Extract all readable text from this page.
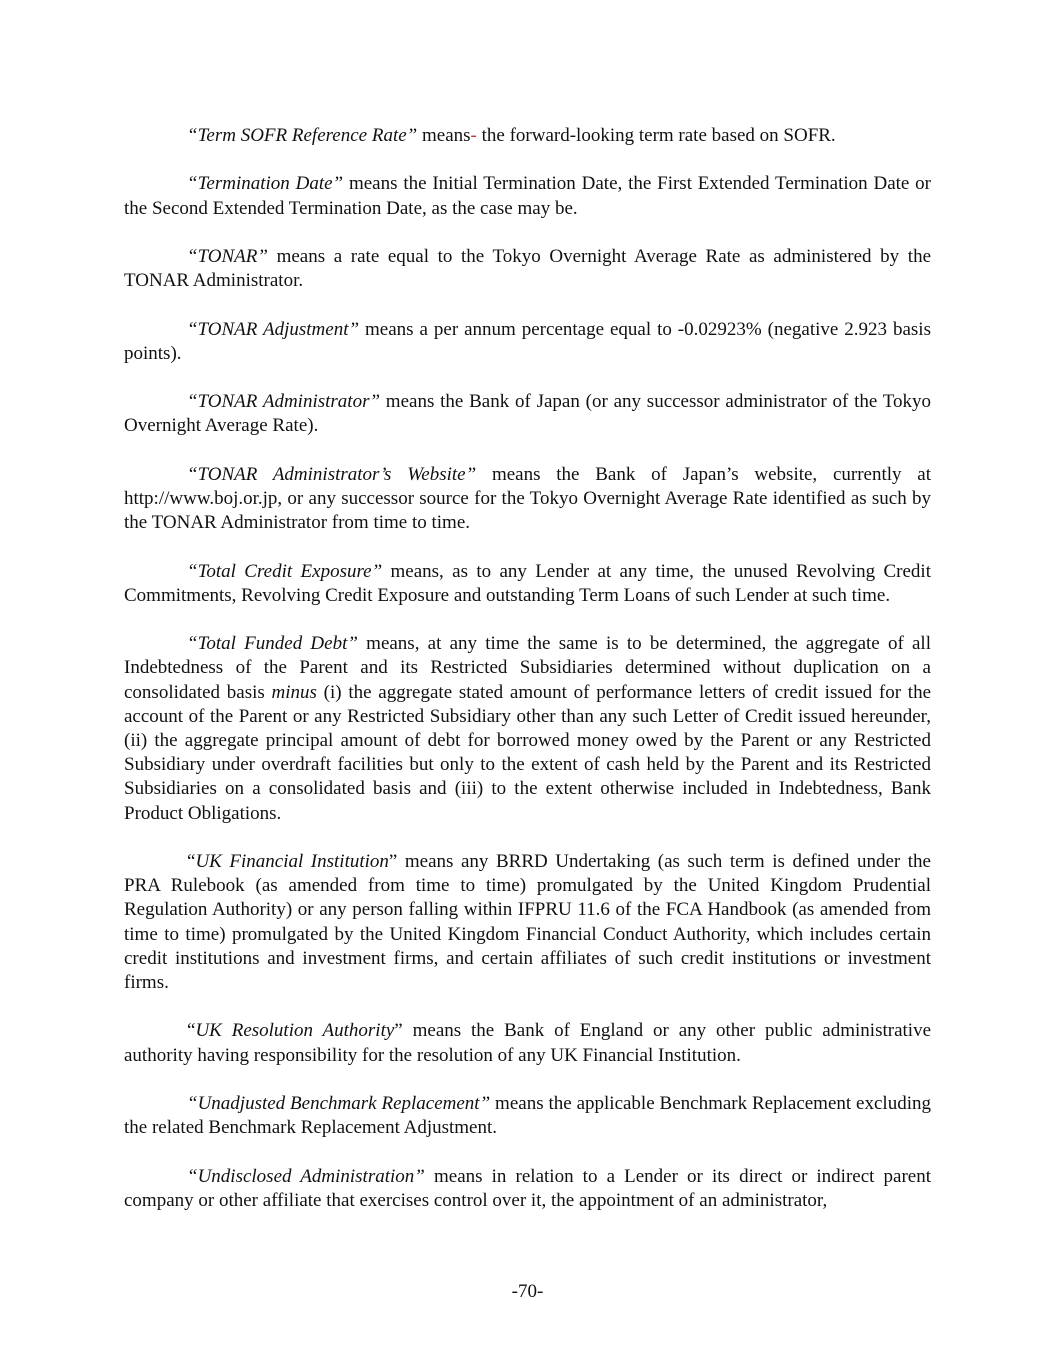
“Term SOFR Reference Rate” means- the forward-looking term rate based on SOFR.

“Termination Date” means the Initial Termination Date, the First Extended Termination Date or the Second Extended Termination Date, as the case may be.

“TONAR” means a rate equal to the Tokyo Overnight Average Rate as administered by the TONAR Administrator.

“TONAR Adjustment” means a per annum percentage equal to -0.02923% (negative 2.923 basis points).

“TONAR Administrator” means the Bank of Japan (or any successor administrator of the Tokyo Overnight Average Rate).

“TONAR Administrator’s Website” means the Bank of Japan’s website, currently at http://www.boj.or.jp, or any successor source for the Tokyo Overnight Average Rate identified as such by the TONAR Administrator from time to time.

“Total Credit Exposure” means, as to any Lender at any time, the unused Revolving Credit Commitments, Revolving Credit Exposure and outstanding Term Loans of such Lender at such time.

“Total Funded Debt” means, at any time the same is to be determined, the aggregate of all Indebtedness of the Parent and its Restricted Subsidiaries determined without duplication on a consolidated basis minus (i) the aggregate stated amount of performance letters of credit issued for the account of the Parent or any Restricted Subsidiary other than any such Letter of Credit issued hereunder, (ii) the aggregate principal amount of debt for borrowed money owed by the Parent or any Restricted Subsidiary under overdraft facilities but only to the extent of cash held by the Parent and its Restricted Subsidiaries on a consolidated basis and (iii) to the extent otherwise included in Indebtedness, Bank Product Obligations.

“UK Financial Institution” means any BRRD Undertaking (as such term is defined under the PRA Rulebook (as amended from time to time) promulgated by the United Kingdom Prudential Regulation Authority) or any person falling within IFPRU 11.6 of the FCA Handbook (as amended from time to time) promulgated by the United Kingdom Financial Conduct Authority, which includes certain credit institutions and investment firms, and certain affiliates of such credit institutions or investment firms.

“UK Resolution Authority” means the Bank of England or any other public administrative authority having responsibility for the resolution of any UK Financial Institution.

“Unadjusted Benchmark Replacement” means the applicable Benchmark Replacement excluding the related Benchmark Replacement Adjustment.

“Undisclosed Administration” means in relation to a Lender or its direct or indirect parent company or other affiliate that exercises control over it, the appointment of an administrator,

-70-
